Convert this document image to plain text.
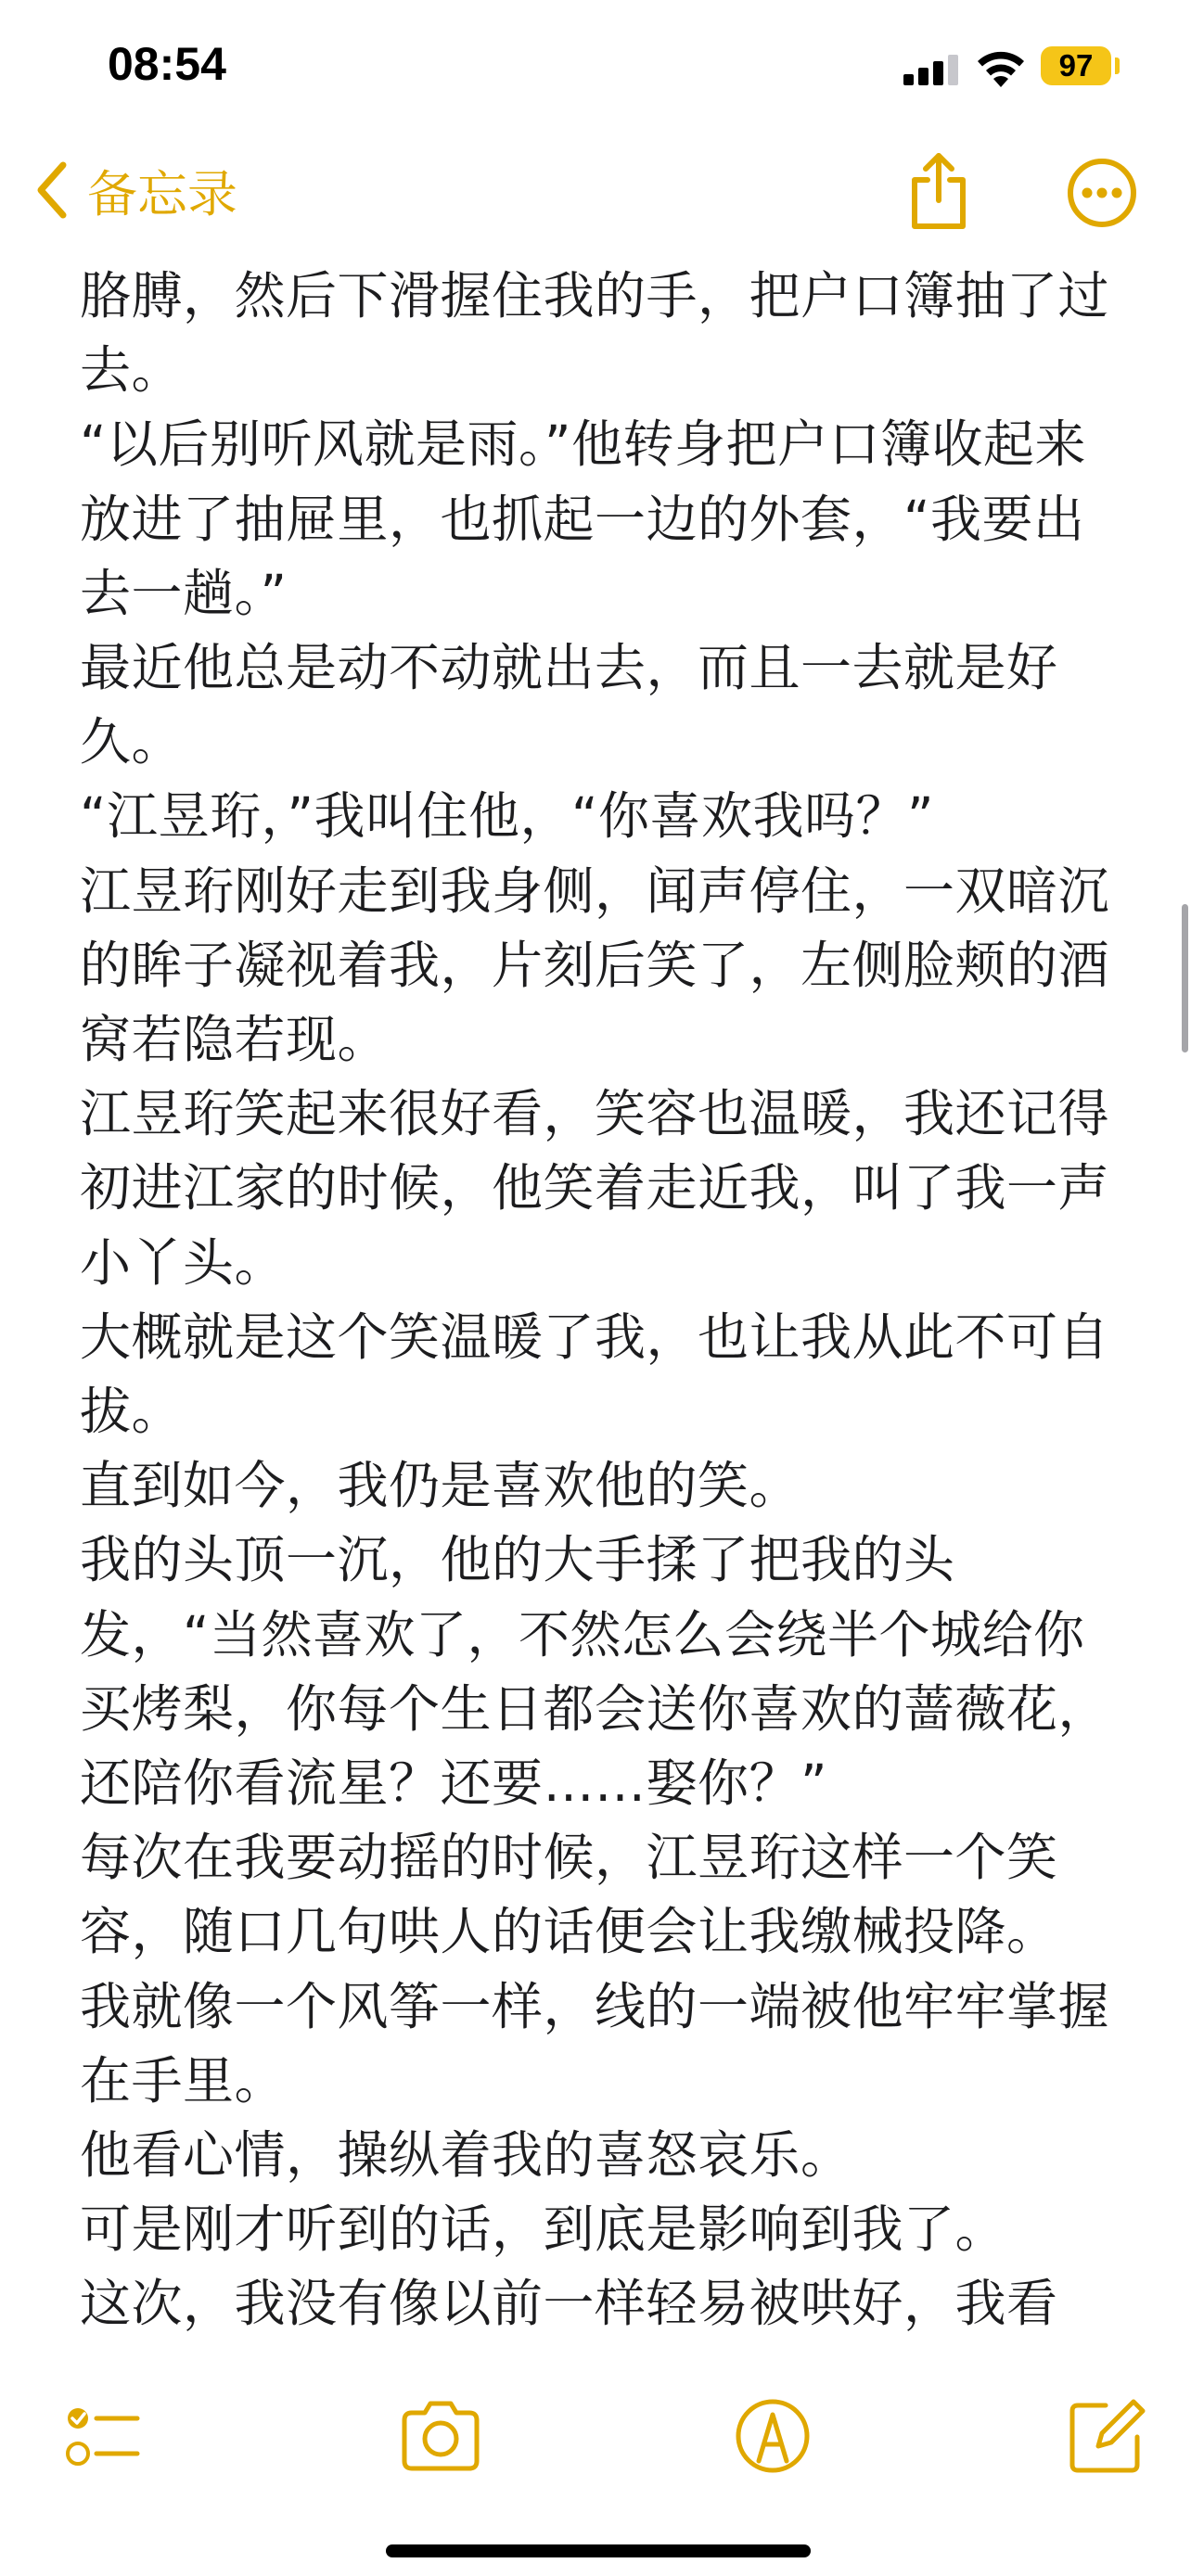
08:54	97
备忘录

胳膊，然后下滑握住我的手，把户口簿抽了过去。

“以后别听风就是雨。”他转身把户口簿收起来放进了抽屉里，也抓起一边的外套，“我要出去一趟。”

最近他总是动不动就出去，而且一去就是好久。

“江昱珩，”我叫住他，“你喜欢我吗？”

江昱珩刚好走到我身侧，闻声停住，一双暗沉的眸子凝视着我，片刻后笑了，左侧脸颊的酒窝若隐若现。

江昱珩笑起来很好看，笑容也温暖，我还记得初进江家的时候，他笑着走近我，叫了我一声小丫头。

大概就是这个笑温暖了我，也让我从此不可自拔。

直到如今，我仍是喜欢他的笑。

我的头顶一沉，他的大手揉了把我的头发，“当然喜欢了，不然怎么会绕半个城给你买烤梨，你每个生日都会送你喜欢的蔷薇花，还陪你看流星？还要……娶你？”

每次在我要动摇的时候，江昱珩这样一个笑容，随口几句哄人的话便会让我缴械投降。

我就像一个风筝一样，线的一端被他牢牢掌握在手里。

他看心情，操纵着我的喜怒哀乐。

可是刚才听到的话，到底是影响到我了。

这次，我没有像以前一样轻易被哄好，我看
